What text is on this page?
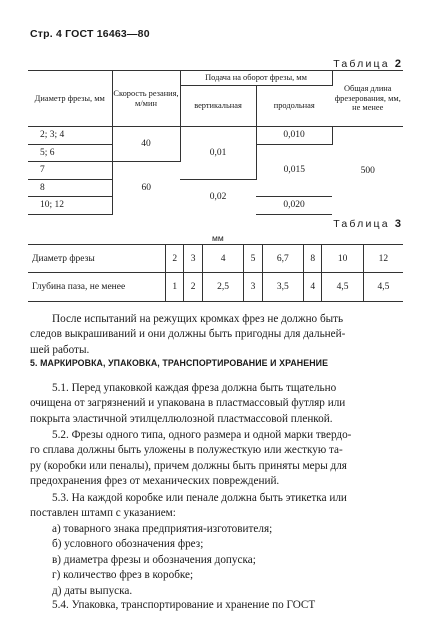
Стр. 4 ГОСТ 16463—80
Таблица 2
Диаметр фрезы, мм	Скорость резания, м/мин	Подача на оборот фрезы, мм		Общая длина фрезерования, мм, не менее
		вертикальная	продольная	
2; 3; 4	40	0,01	0,010	500
5; 6			0,015	
7	60			
8		0,02		
10; 12			0,020	
Таблица 3
мм
Диаметр фрезы	2	3	4	5	6,7	8	10	12
Глубина паза, не менее	1	2	2,5	3	3,5	4	4,5	4,5

После испытаний на режущих кромках фрез не должно быть
следов выкрашиваний и они должны быть пригодны для дальней-
шей работы.

5. МАРКИРОВКА, УПАКОВКА, ТРАНСПОРТИРОВАНИЕ И ХРАНЕНИЕ

5.1. Перед упаковкой каждая фреза должна быть тщательно
очищена от загрязнений и упакована в пластмассовый футляр или
покрыта эластичной этилцеллюлозной пластмассовой пленкой.

5.2. Фрезы одного типа, одного размера и одной марки твердо-
го сплава должны быть уложены в полужесткую или жесткую та-
ру (коробки или пеналы), причем должны быть приняты меры для
предохранения фрез от механических повреждений.

5.3. На каждой коробке или пенале должна быть этикетка или
поставлен штамп с указанием:

а) товарного знака предприятия-изготовителя;
б) условного обозначения фрез;
в) диаметра фрезы и обозначения допуска;
г) количество фрез в коробке;
д) даты выпуска.

5.4. Упаковка, транспортирование и хранение по ГОСТ
